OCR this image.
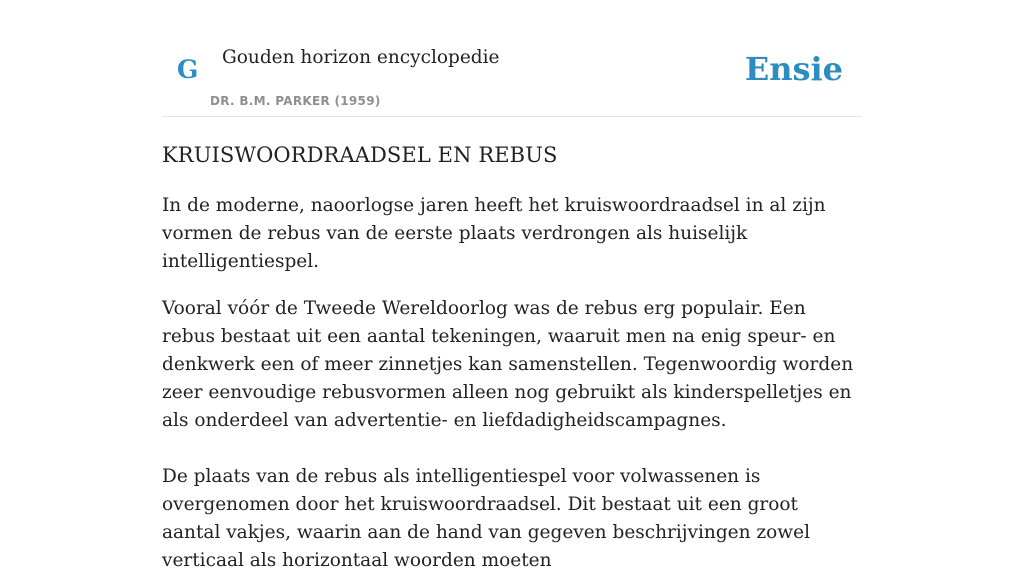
G Gouden horizon encyclopedie
DR. B.M. PARKER (1959)
Ensie
KRUISWOORDRAADSEL EN REBUS

In de moderne, naoorlogse jaren heeft het kruiswoordraadsel in al zijn vormen de rebus van de eerste plaats verdrongen als huiselijk intelligentiespel.

Vooral vóór de Tweede Wereldoorlog was de rebus erg populair. Een rebus bestaat uit een aantal tekeningen, waaruit men na enig speur- en denkwerk een of meer zinnetjes kan samenstellen. Tegenwoordig worden zeer eenvoudige rebusvormen alleen nog gebruikt als kinderspelletjes en als onderdeel van advertentie- en liefdadigheidscampagnes.

De plaats van de rebus als intelligentiespel voor volwassenen is overgenomen door het kruiswoordraadsel. Dit bestaat uit een groot aantal vakjes, waarin aan de hand van gegeven beschrijvingen zowel verticaal als horizontaal woorden moeten
